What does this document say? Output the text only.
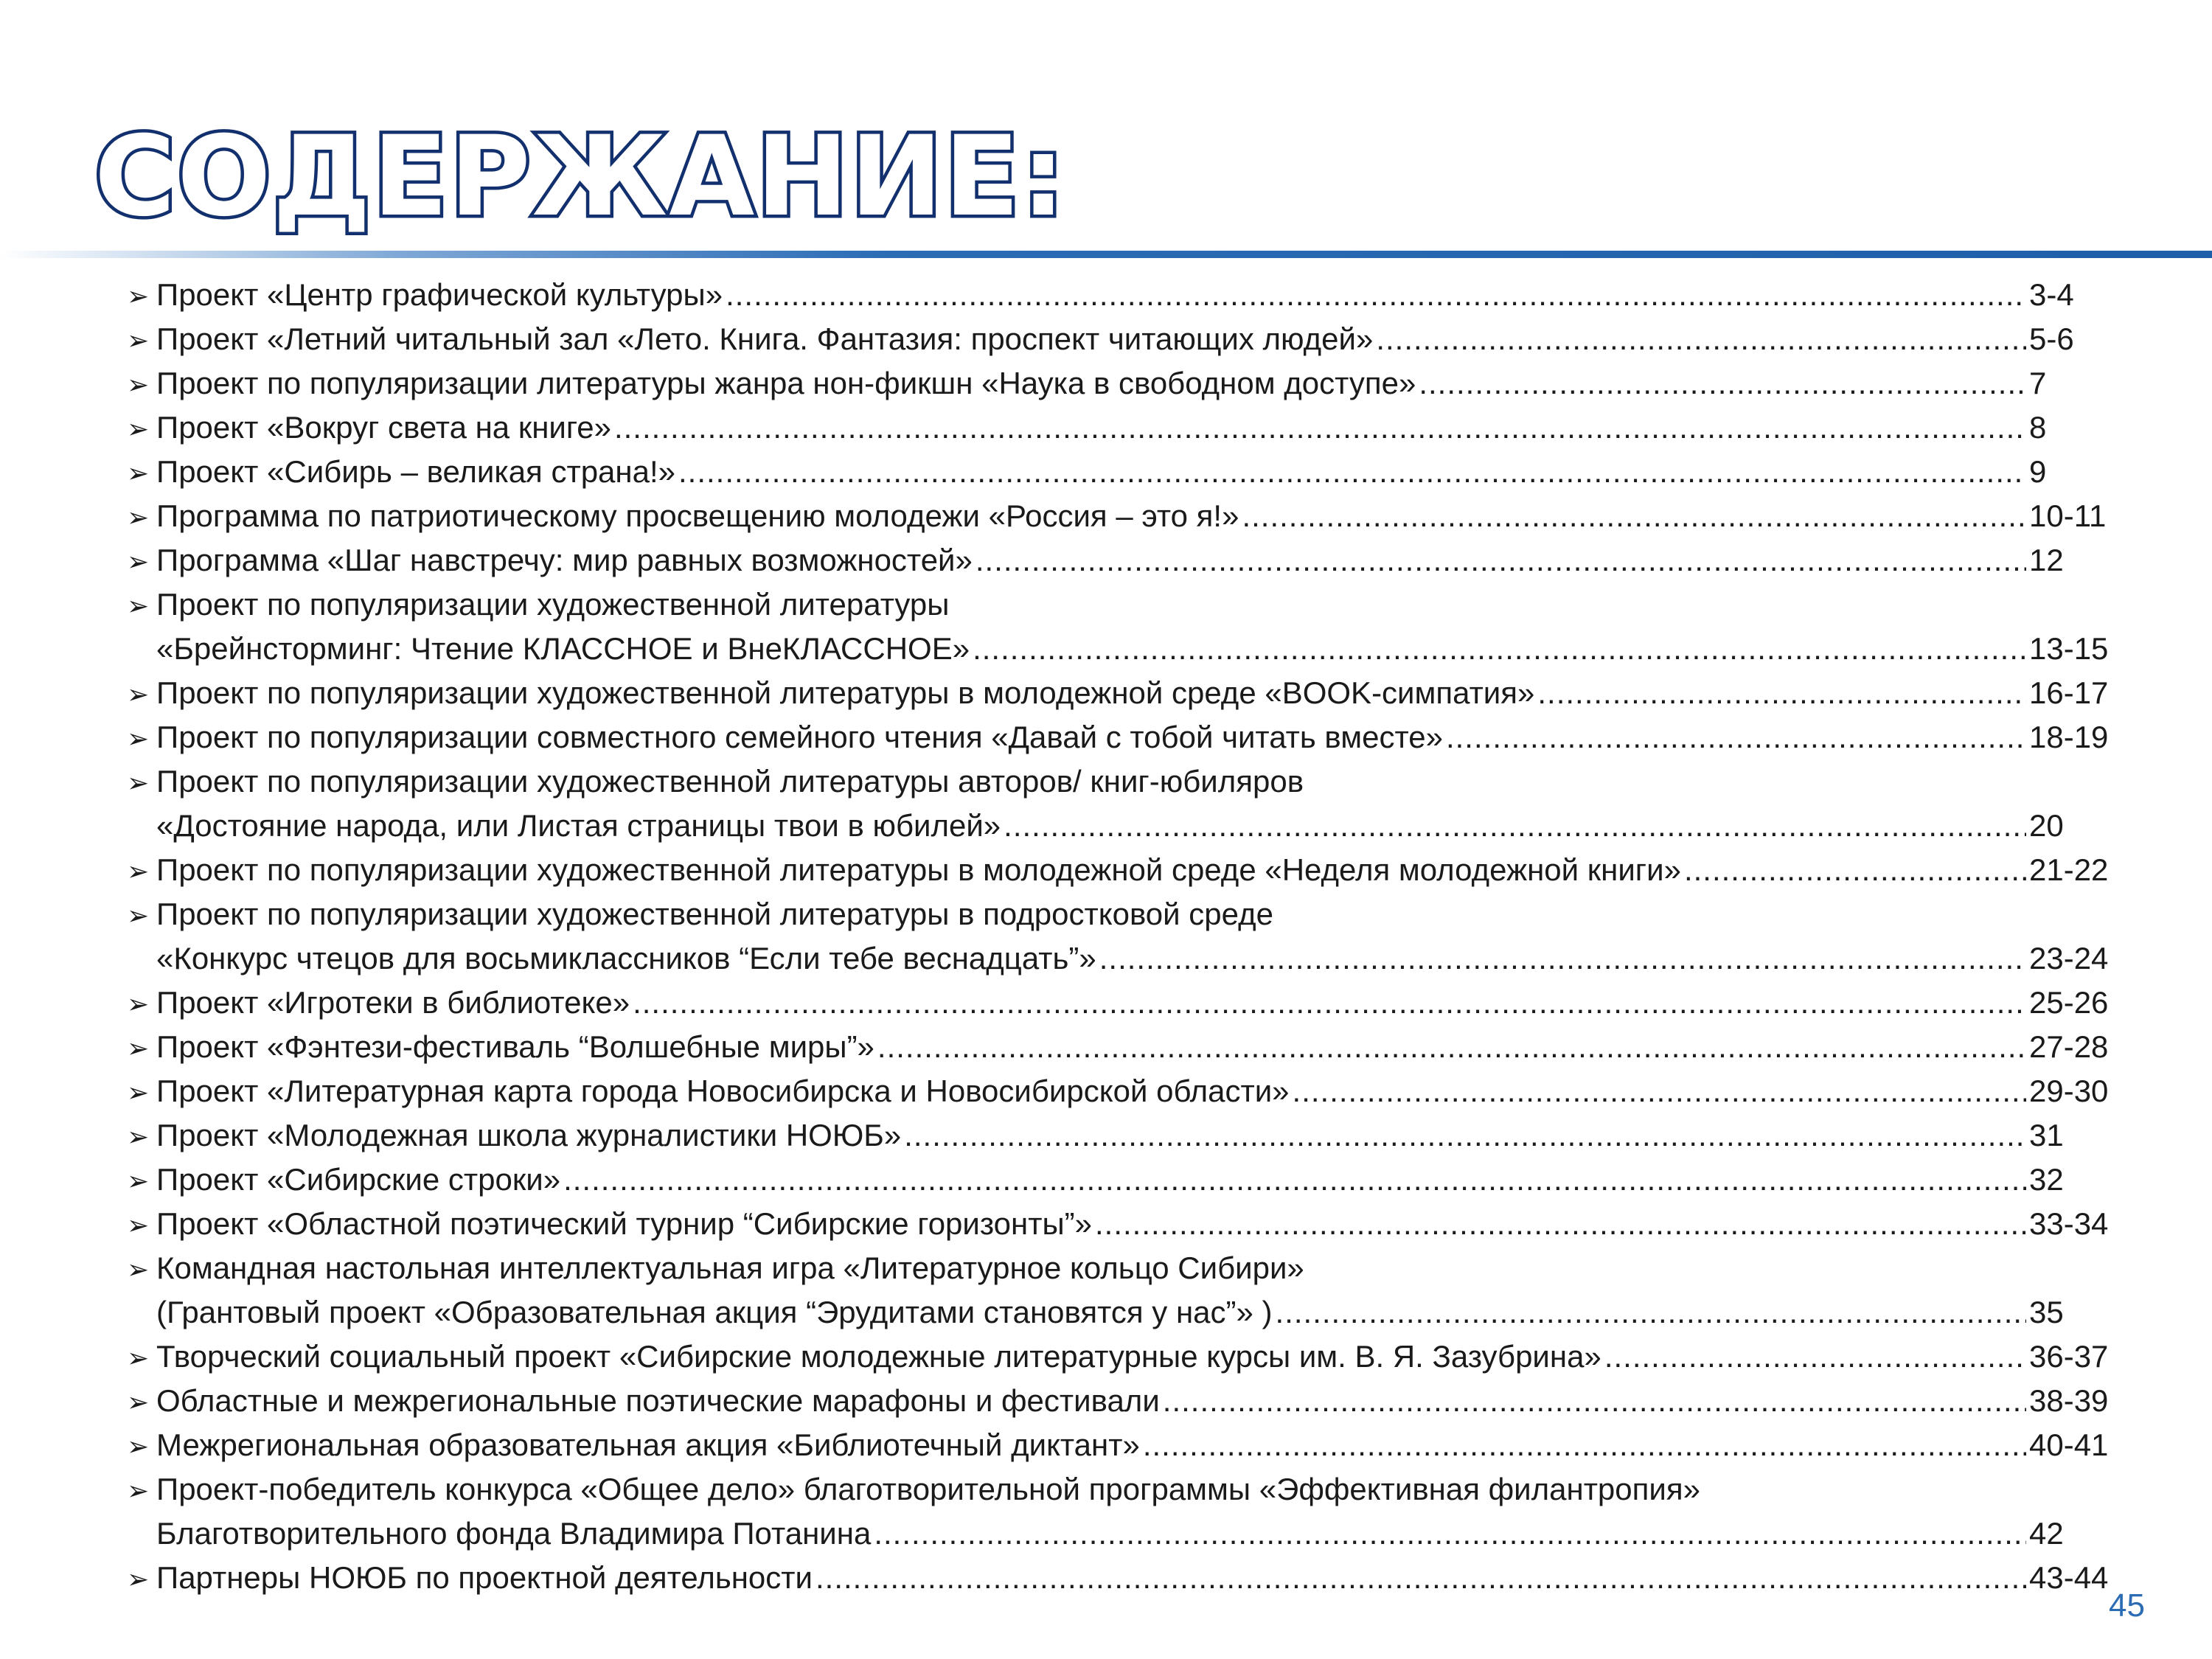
СОДЕРЖАНИЕ:
➢ Проект «Центр графической культуры» .....	3-4
➢ Проект «Летний читальный зал «Лето. Книга. Фантазия: проспект читающих людей» .....	5-6
➢ Проект по популяризации литературы жанра нон-фикшн «Наука в свободном доступе» .....	7
➢ Проект «Вокруг света на книге» .....	8
➢ Проект «Сибирь – великая страна!» .....	9
➢ Программа по патриотическому просвещению молодежи «Россия – это я!» .....	10-11
➢ Программа «Шаг навстречу: мир равных возможностей» .....	12
➢ Проект по популяризации художественной литературы
«Брейнсторминг: Чтение КЛАССНОЕ и ВнеКЛАССНОЕ» .....	13-15
➢ Проект по популяризации художественной литературы в молодежной среде «BOOK-симпатия» .....	16-17
➢ Проект по популяризации совместного семейного чтения «Давай с тобой читать вместе» .....	18-19
➢ Проект по популяризации художественной литературы авторов/ книг-юбиляров
«Достояние народа, или Листая страницы твои в юбилей» .....	20
➢ Проект по популяризации художественной литературы в молодежной среде «Неделя молодежной книги» .....	21-22
➢ Проект по популяризации художественной литературы в подростковой среде
«Конкурс чтецов для восьмиклассников “Если тебе веснадцать”» .....	23-24
➢ Проект «Игротеки в библиотеке» .....	25-26
➢ Проект «Фэнтези-фестиваль “Волшебные миры”» .....	27-28
➢ Проект «Литературная карта города Новосибирска и Новосибирской области» .....	29-30
➢ Проект «Молодежная школа журналистики НОЮБ» .....	31
➢ Проект «Сибирские строки» .....	32
➢ Проект «Областной поэтический турнир “Сибирские горизонты”» .....	33-34
➢ Командная настольная интеллектуальная игра «Литературное кольцо Сибири»
(Грантовый проект «Образовательная акция “Эрудитами становятся у нас”» ) .....	35
➢ Творческий социальный проект «Сибирские молодежные литературные курсы им. В. Я. Зазубрина» .....	36-37
➢ Областные и межрегиональные поэтические марафоны и фестивали .....	38-39
➢ Межрегиональная образовательная акция «Библиотечный диктант» .....	40-41
➢ Проект-победитель конкурса «Общее дело» благотворительной программы «Эффективная филантропия»
Благотворительного фонда Владимира Потанина .....	42
➢ Партнеры НОЮБ по проектной деятельности .....	43-44
45
